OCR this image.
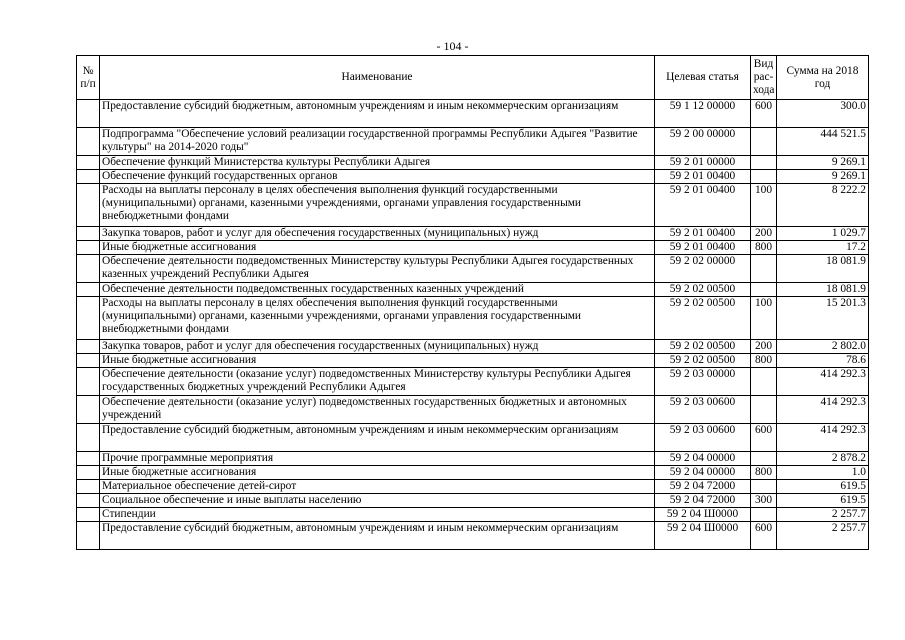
- 104 -
№ п/п	Наименование	Целевая статья	Вид рас-хода	Сумма на 2018 год
	Предоставление субсидий бюджетным, автономным учреждениям и иным некоммерческим организациям	59 1 12 00000	600	300.0
	Подпрограмма "Обеспечение условий реализации государственной программы Республики Адыгея "Развитие культуры" на 2014-2020 годы"	59 2 00 00000		444 521.5
	Обеспечение функций Министерства культуры Республики Адыгея	59 2 01 00000		9 269.1
	Обеспечение функций государственных органов	59 2 01 00400		9 269.1
	Расходы на выплаты персоналу в целях обеспечения выполнения функций государственными (муниципальными) органами, казенными учреждениями, органами управления государственными внебюджетными фондами	59 2 01 00400	100	8 222.2
	Закупка товаров, работ и услуг для обеспечения государственных (муниципальных) нужд	59 2 01 00400	200	1 029.7
	Иные бюджетные ассигнования	59 2 01 00400	800	17.2
	Обеспечение деятельности подведомственных Министерству культуры Республики Адыгея государственных казенных учреждений Республики Адыгея	59 2 02 00000		18 081.9
	Обеспечение деятельности подведомственных государственных казенных учреждений	59 2 02 00500		18 081.9
	Расходы на выплаты персоналу в целях обеспечения выполнения функций государственными (муниципальными) органами, казенными учреждениями, органами управления государственными внебюджетными фондами	59 2 02 00500	100	15 201.3
	Закупка товаров, работ и услуг для обеспечения государственных (муниципальных) нужд	59 2 02 00500	200	2 802.0
	Иные бюджетные ассигнования	59 2 02 00500	800	78.6
	Обеспечение деятельности (оказание услуг) подведомственных Министерству культуры Республики Адыгея государственных бюджетных учреждений Республики Адыгея	59 2 03 00000		414 292.3
	Обеспечение деятельности (оказание услуг) подведомственных государственных бюджетных и автономных учреждений	59 2 03 00600		414 292.3
	Предоставление субсидий бюджетным, автономным учреждениям и иным некоммерческим организациям	59 2 03 00600	600	414 292.3
	Прочие программные мероприятия	59 2 04 00000		2 878.2
	Иные бюджетные ассигнования	59 2 04 00000	800	1.0
	Материальное обеспечение детей-сирот	59 2 04 72000		619.5
	Социальное обеспечение и иные выплаты населению	59 2 04 72000	300	619.5
	Стипендии	59 2 04 Ш0000		2 257.7
	Предоставление субсидий бюджетным, автономным учреждениям и иным некоммерческим организациям	59 2 04 Ш0000	600	2 257.7
